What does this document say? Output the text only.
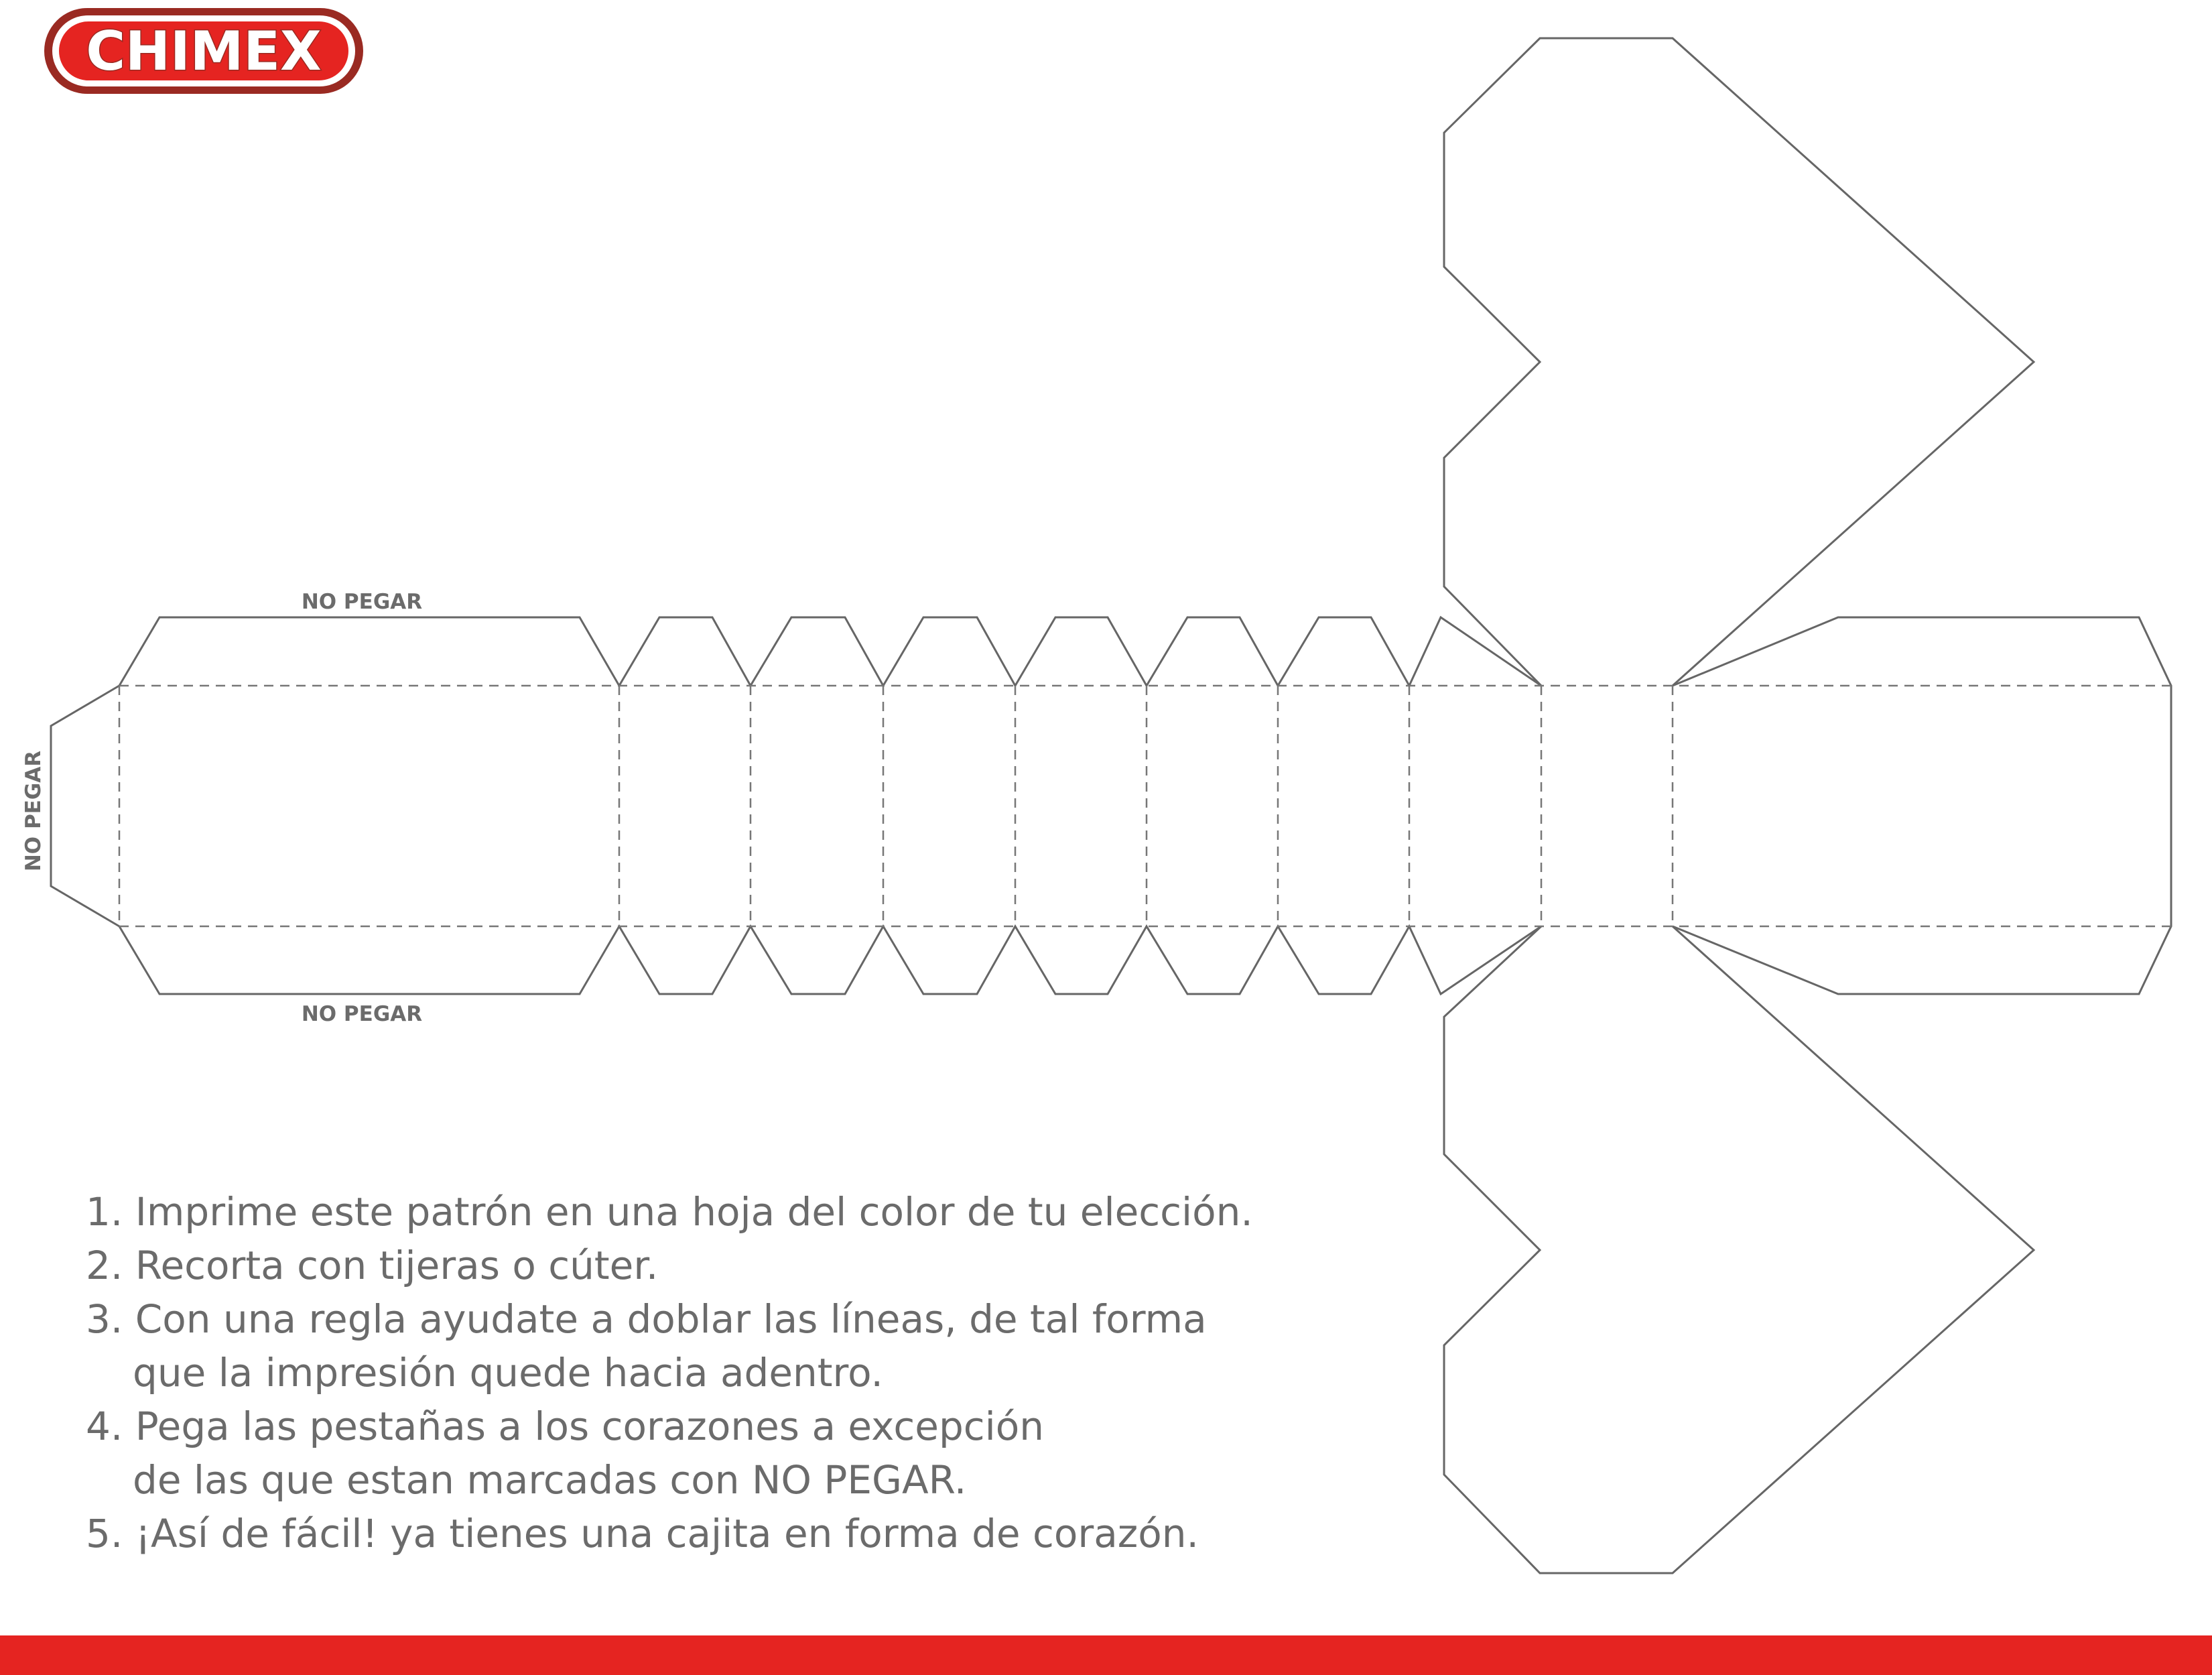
CHIMEX
NO PEGAR
NO PEGAR
NO PEGAR
1. Imprime este patrón en una hoja del color de tu elección.
2. Recorta con tijeras o cúter.
3. Con una regla ayudate a doblar las líneas, de tal forma
que la impresión quede hacia adentro.
4. Pega las pestañas a los corazones a excepción
de las que estan marcadas con NO PEGAR.
5. ¡Así de fácil! ya tienes una cajita en forma de corazón.
